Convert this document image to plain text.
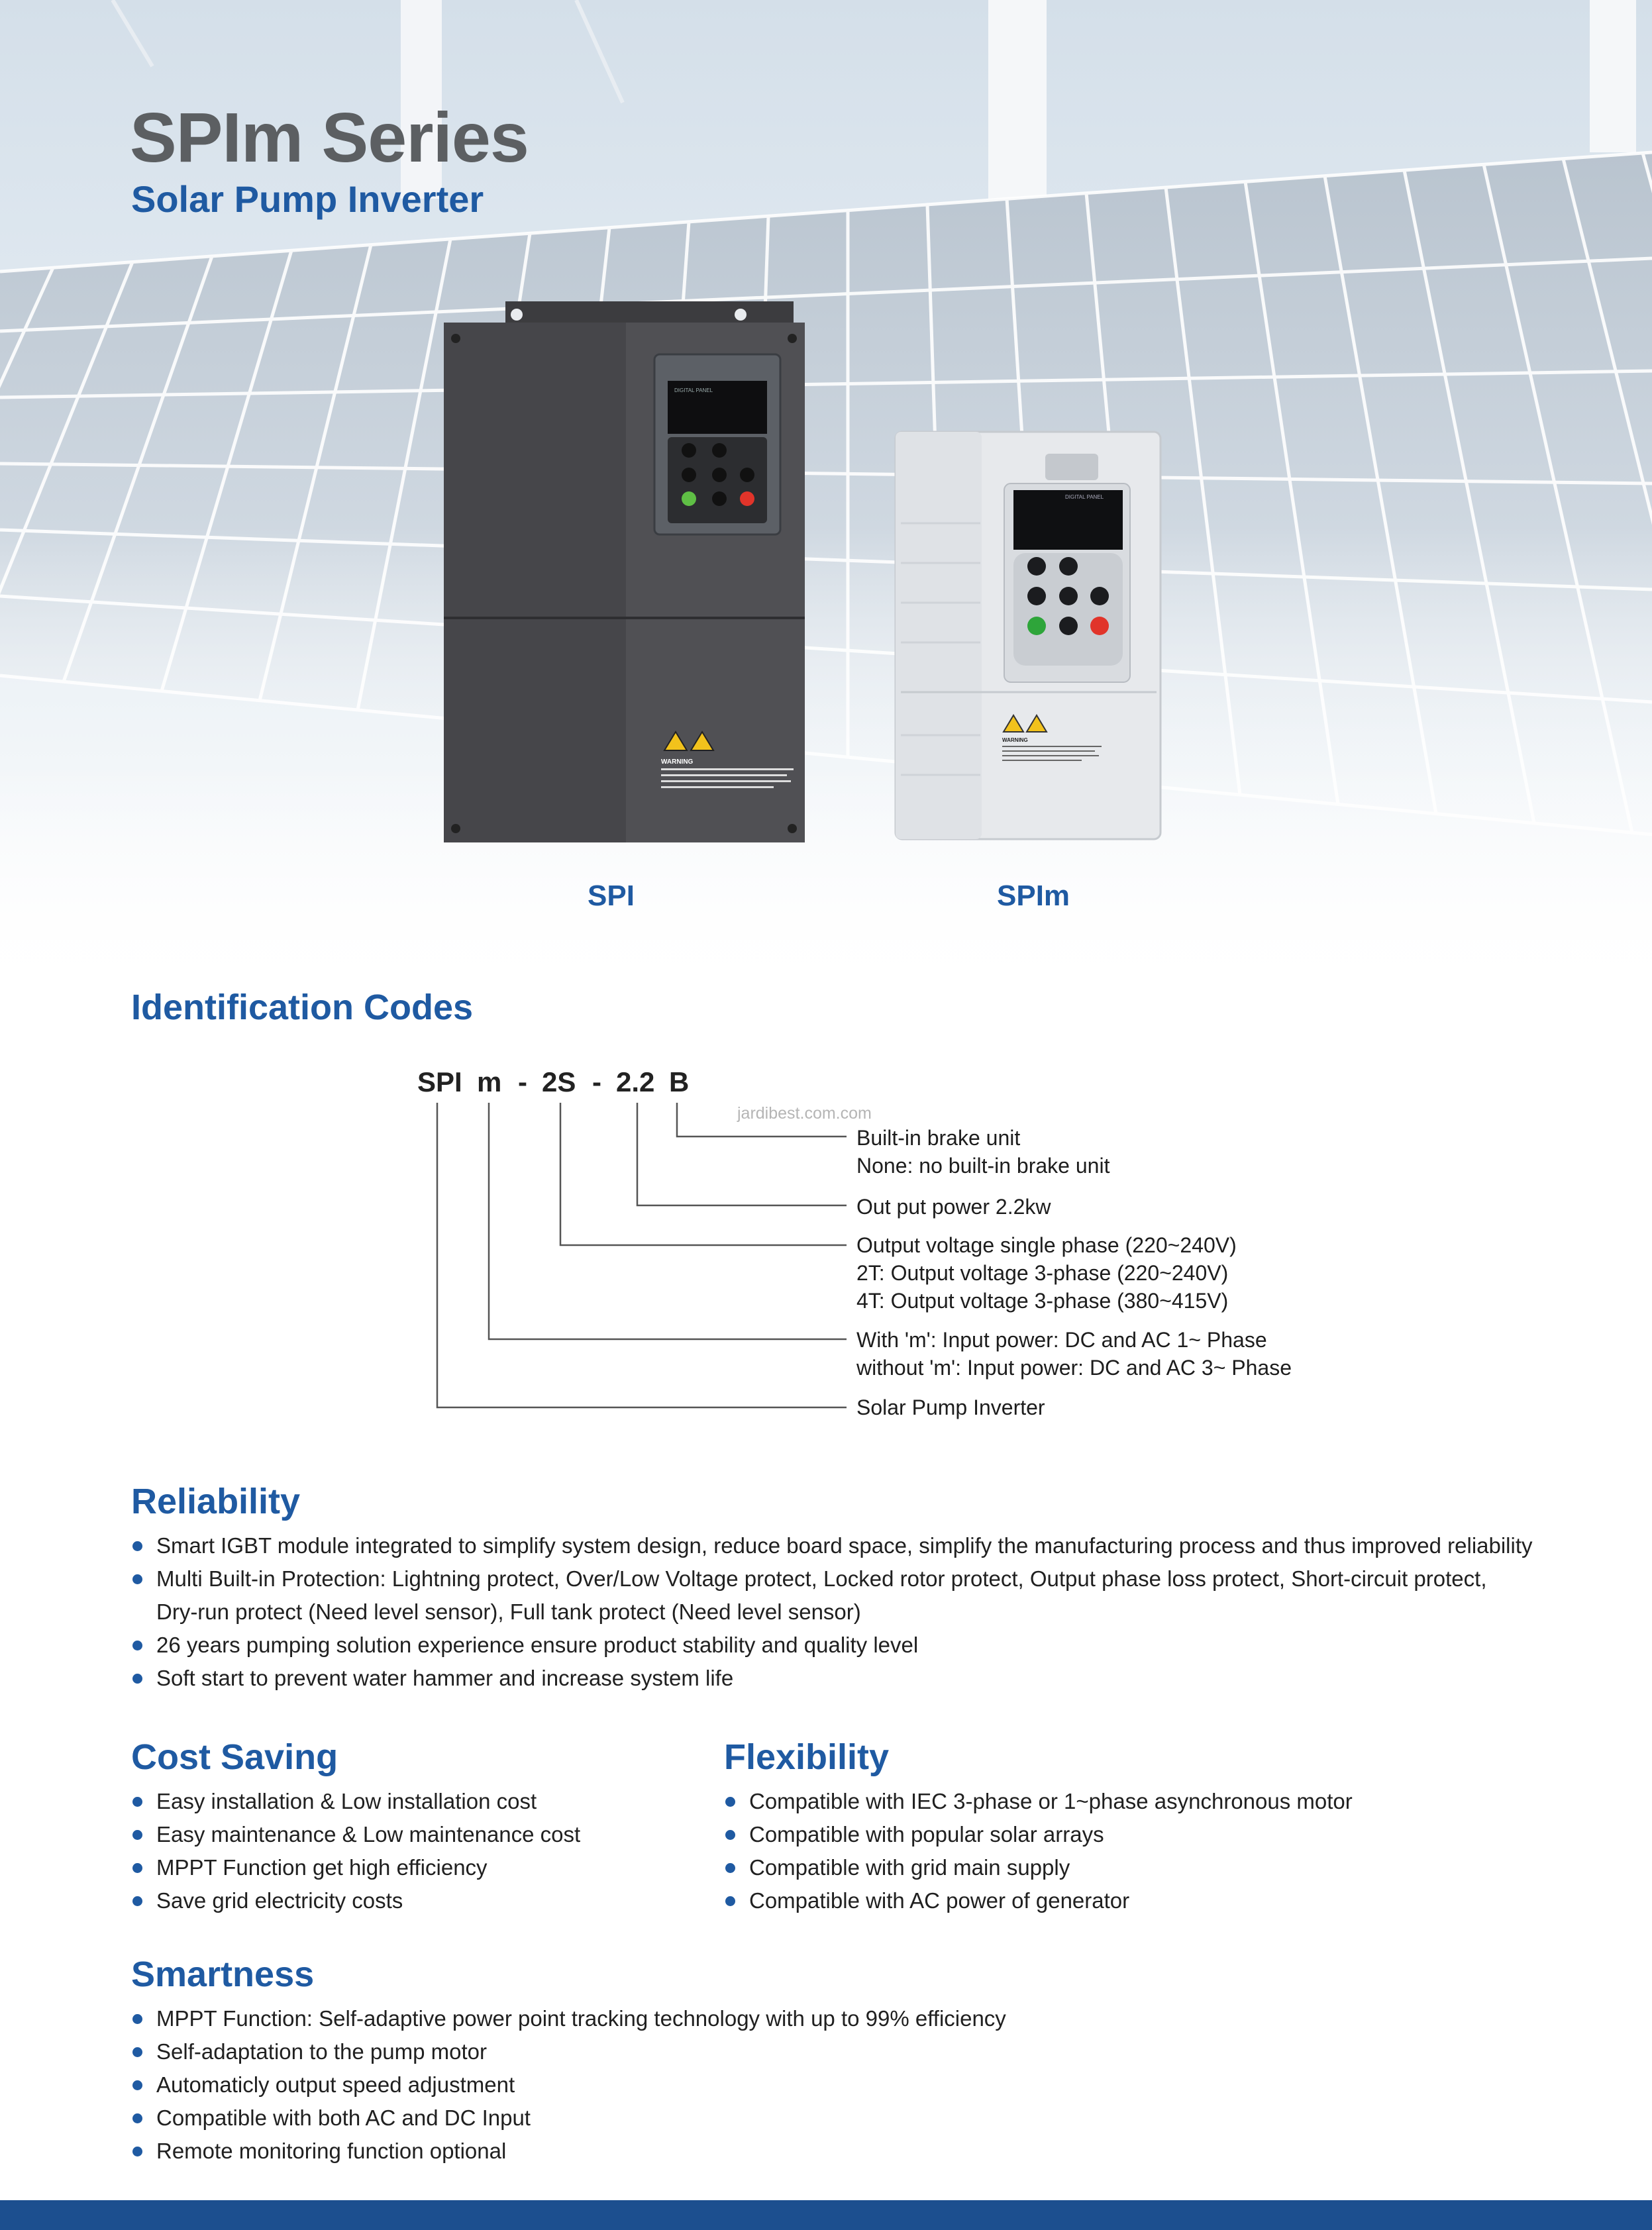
SPIm Series
Solar Pump Inverter
DIGITAL PANEL
WARNING
DIGITAL PANEL
WARNING
SPI	SPIm
Identification Codes
SPI m - 2S - 2.2 B
jardibest.com.com
Built-in brake unit
None: no built-in brake unit
Out put power 2.2kw
Output voltage single phase (220~240V)
2T: Output voltage 3-phase (220~240V)
4T: Output voltage 3-phase (380~415V)
With 'm': Input power: DC and AC 1~ Phase
without 'm': Input power: DC and AC 3~ Phase
Solar Pump Inverter
Reliability
Smart IGBT module integrated to simplify system design, reduce board space, simplify the manufacturing process and thus improved reliability
Multi Built-in Protection: Lightning protect, Over/Low Voltage protect, Locked rotor protect, Output phase loss protect, Short-circuit protect,
Dry-run protect (Need level sensor), Full tank protect (Need level sensor)
26 years pumping solution experience ensure product stability and quality level
Soft start to prevent water hammer and increase system life
Cost Saving
Easy installation & Low installation cost
Easy maintenance & Low maintenance cost
MPPT Function get high efficiency
Save grid electricity costs
Flexibility
Compatible with IEC 3-phase or 1~phase asynchronous motor
Compatible with popular solar arrays
Compatible with grid main supply
Compatible with AC power of generator
Smartness
MPPT Function: Self-adaptive power point tracking technology with up to 99% efficiency
Self-adaptation to the pump motor
Automaticly output speed adjustment
Compatible with both AC and DC Input
Remote monitoring function optional
